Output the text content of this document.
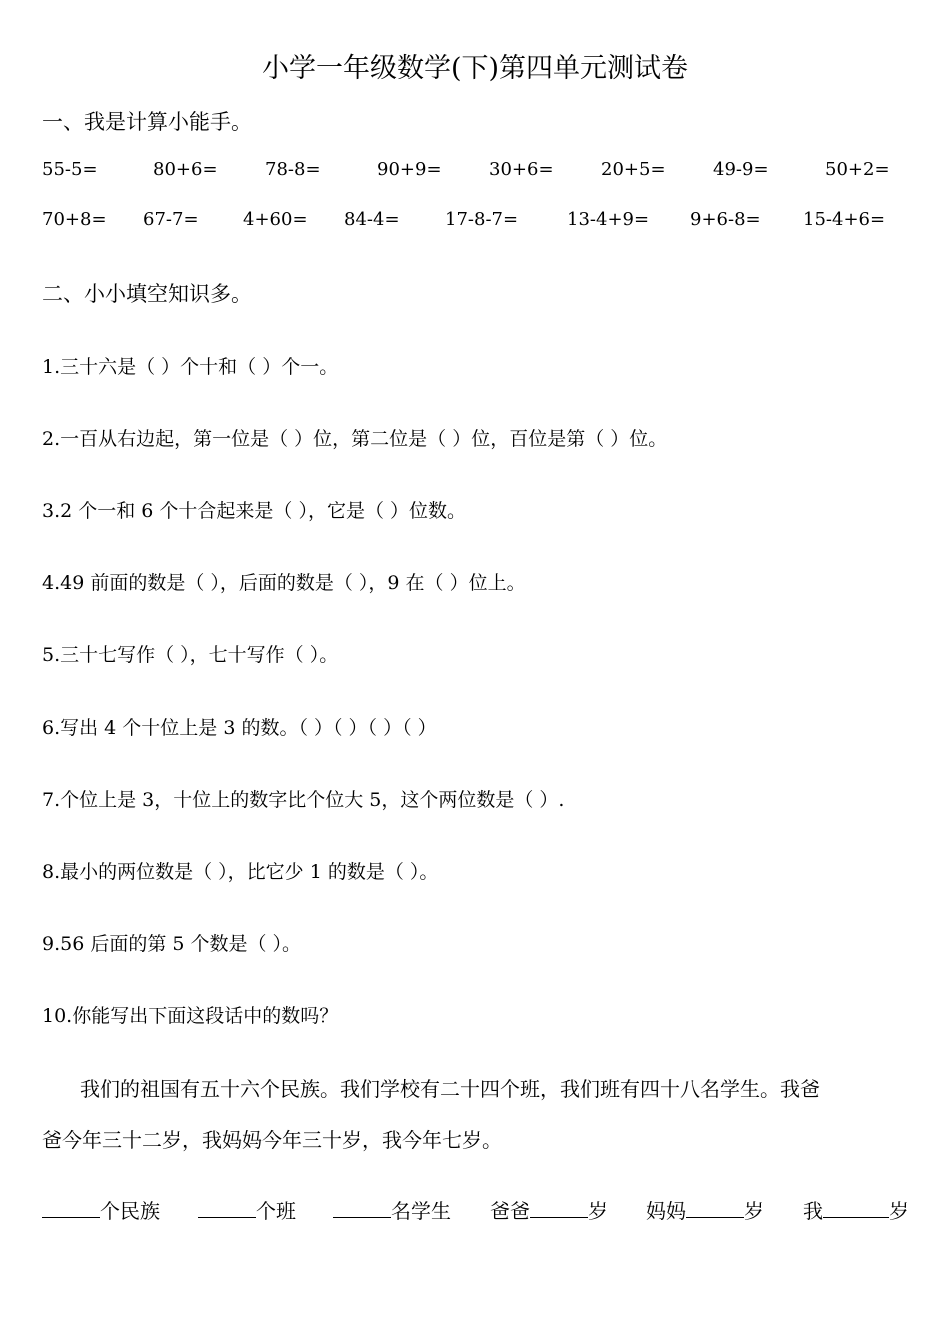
小学一年级数学(下)第四单元测试卷
一、我是计算小能手。
55-5=	80+6=	78-8=	90+9=	30+6=	20+5=	49-9=	50+2=
70+8= 67-7= 4+60= 84-4=	17-8-7=	13-4+9= 9+6-8= 15-4+6=
二、小小填空知识多。
1.三十六是（ ）个十和（ ）个一。
2.一百从右边起，第一位是（ ）位，第二位是（ ）位，百位是第（ ）位。
3.2 个一和 6 个十合起来是（ ），它是（ ）位数。
4.49 前面的数是（ ），后面的数是（ ），9 在（ ）位上。
5.三十七写作（ ），七十写作（ ）。
6.写出 4 个十位上是 3 的数。（ ）（ ）（ ）（ ）
7.个位上是 3，十位上的数字比个位大 5，这个两位数是（ ）.
8.最小的两位数是（ ），比它少 1 的数是（ ）。
9.56 后面的第 5 个数是（ ）。
10.你能写出下面这段话中的数吗？
我们的祖国有五十六个民族。我们学校有二十四个班，我们班有四十八名学生。我爸
爸今年三十二岁，我妈妈今年三十岁，我今年七岁。
个民族	个班	名学生 爸爸	岁 妈妈	岁 我	岁
